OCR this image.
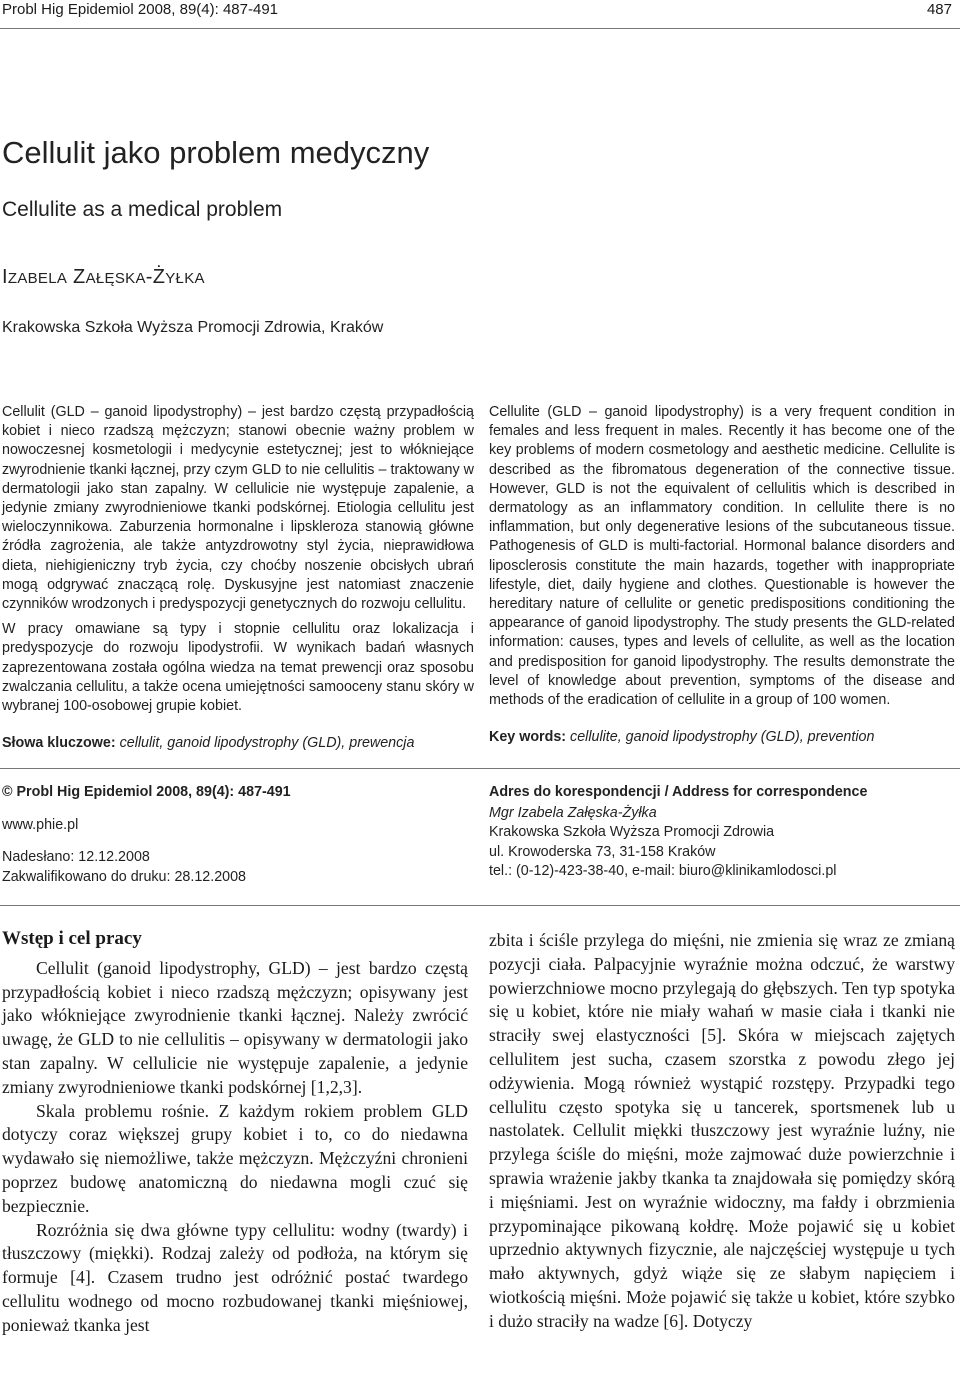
Probl Hig Epidemiol 2008, 89(4): 487-491	487
Cellulit jako problem medyczny
Cellulite as a medical problem
IZABELA ZAŁĘSKA-ŻYŁKA
Krakowska Szkoła Wyższa Promocji Zdrowia, Kraków

Cellulit (GLD – ganoid lipodystrophy) – jest bardzo częstą przypadłością kobiet i nieco rzadszą mężczyzn; stanowi obecnie ważny problem w nowoczesnej kosmetologii i medycynie estetycznej; jest to włókniejące zwyrodnienie tkanki łącznej, przy czym GLD to nie cellulitis – traktowany w dermatologii jako stan zapalny. W cellulicie nie występuje zapalenie, a jedynie zmiany zwyrodnieniowe tkanki podskórnej. Etiologia cellulitu jest wieloczynnikowa. Zaburzenia hormonalne i lipskleroza stanowią główne źródła zagrożenia, ale także antyzdrowotny styl życia, nieprawidłowa dieta, niehigieniczny tryb życia, czy choćby noszenie obcisłych ubrań mogą odgrywać znaczącą rolę. Dyskusyjne jest natomiast znaczenie czynników wrodzonych i predyspozycji genetycznych do rozwoju cellulitu.

W pracy omawiane są typy i stopnie cellulitu oraz lokalizacja i predyspozycje do rozwoju lipodystrofii. W wynikach badań własnych zaprezentowana została ogólna wiedza na temat prewencji oraz sposobu zwalczania cellulitu, a także ocena umiejętności samooceny stanu skóry w wybranej 100-osobowej grupie kobiet.

Słowa kluczowe: cellulit, ganoid lipodystrophy (GLD), prewencja

Cellulite (GLD – ganoid lipodystrophy) is a very frequent condition in females and less frequent in males. Recently it has become one of the key problems of modern cosmetology and aesthetic medicine. Cellulite is described as the fibromatous degeneration of the connective tissue. However, GLD is not the equivalent of cellulitis which is described in dermatology as an inflammatory condition. In cellulite there is no inflammation, but only degenerative lesions of the subcutaneous tissue. Pathogenesis of GLD is multi-factorial. Hormonal balance disorders and liposclerosis constitute the main hazards, together with inappropriate lifestyle, diet, daily hygiene and clothes. Questionable is however the hereditary nature of cellulite or genetic predispositions conditioning the appearance of ganoid lipodystrophy. The study presents the GLD-related information: causes, types and levels of cellulite, as well as the location and predisposition for ganoid lipodystrophy. The results demonstrate the level of knowledge about prevention, symptoms of the disease and methods of the eradication of cellulite in a group of 100 women.

Key words: cellulite, ganoid lipodystrophy (GLD), prevention
© Probl Hig Epidemiol 2008, 89(4): 487-491
www.phie.pl
Nadesłano: 12.12.2008
Zakwalifikowano do druku: 28.12.2008
Adres do korespondencji / Address for correspondence
Mgr Izabela Załęska-Żyłka
Krakowska Szkoła Wyższa Promocji Zdrowia
ul. Krowoderska 73, 31-158 Kraków
tel.: (0-12)-423-38-40, e-mail: biuro@klinikamlodosci.pl
Wstęp i cel pracy

Cellulit (ganoid lipodystrophy, GLD) – jest bardzo częstą przypadłością kobiet i nieco rzadszą mężczyzn; opisywany jest jako włókniejące zwyrodnienie tkanki łącznej. Należy zwrócić uwagę, że GLD to nie cellulitis – opisywany w dermatologii jako stan zapalny. W cellulicie nie występuje zapalenie, a jedynie zmiany zwyrodnieniowe tkanki podskórnej [1,2,3].

Skala problemu rośnie. Z każdym rokiem problem GLD dotyczy coraz większej grupy kobiet i to, co do niedawna wydawało się niemożliwe, także mężczyzn. Mężczyźni chronieni poprzez budowę anatomiczną do niedawna mogli czuć się bezpiecznie.

Rozróżnia się dwa główne typy cellulitu: wodny (twardy) i tłuszczowy (miękki). Rodzaj zależy od podłoża, na którym się formuje [4]. Czasem trudno jest odróżnić postać twardego cellulitu wodnego od mocno rozbudowanej tkanki mięśniowej, ponieważ tkanka jest

zbita i ściśle przylega do mięśni, nie zmienia się wraz ze zmianą pozycji ciała. Palpacyjnie wyraźnie można odczuć, że warstwy powierzchniowe mocno przylegają do głębszych. Ten typ spotyka się u kobiet, które nie miały wahań w masie ciała i tkanki nie straciły swej elastyczności [5]. Skóra w miejscach zajętych cellulitem jest sucha, czasem szorstka z powodu złego jej odżywienia. Mogą również wystąpić rozstępy. Przypadki tego cellulitu często spotyka się u tancerek, sportsmenek lub u nastolatek. Cellulit miękki tłuszczowy jest wyraźnie luźny, nie przylega ściśle do mięśni, może zajmować duże powierzchnie i sprawia wrażenie jakby tkanka ta znajdowała się pomiędzy skórą i mięśniami. Jest on wyraźnie widoczny, ma fałdy i obrzmienia przypominające pikowaną kołdrę. Może pojawić się u kobiet uprzednio aktywnych fizycznie, ale najczęściej występuje u tych mało aktywnych, gdyż wiąże się ze słabym napięciem i wiotkością mięśni. Może pojawić się także u kobiet, które szybko i dużo straciły na wadze [6]. Dotyczy
